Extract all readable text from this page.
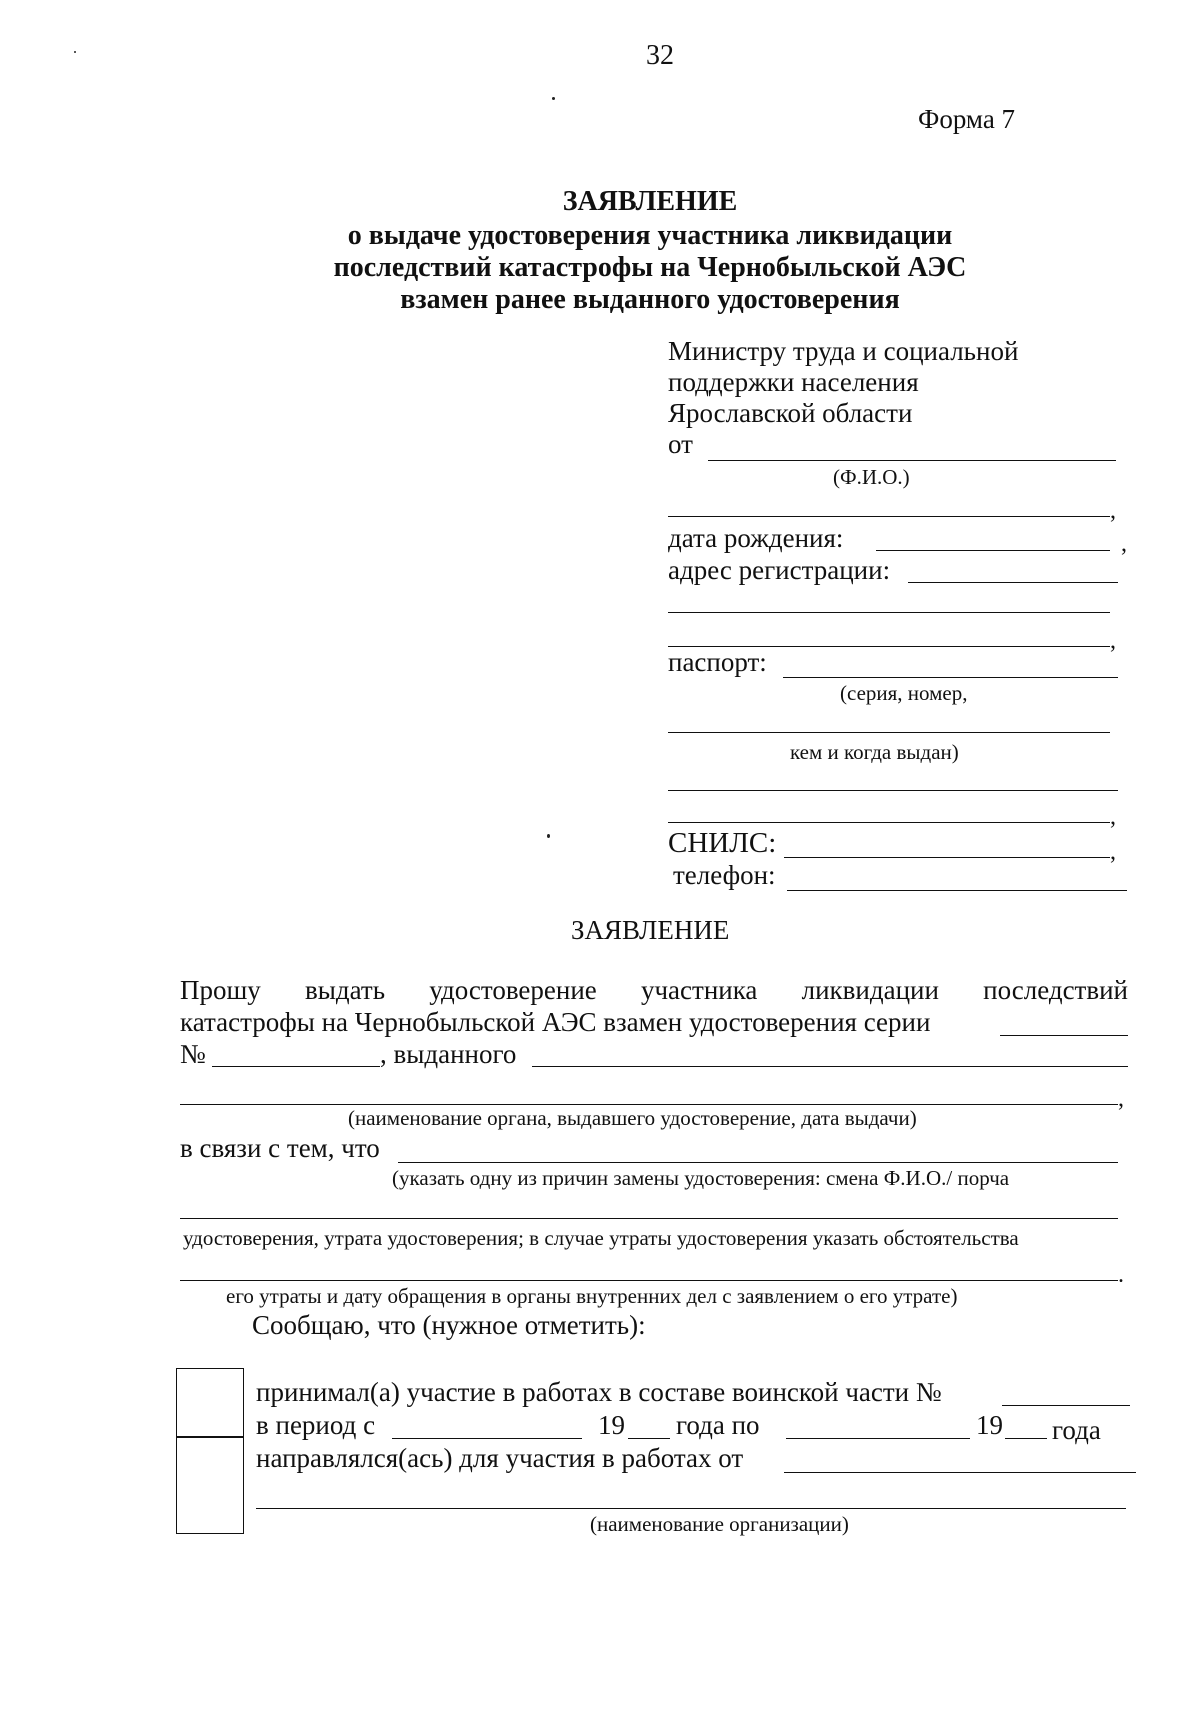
32
Форма 7
ЗАЯВЛЕНИЕ
о выдаче удостоверения участника ликвидации
последствий катастрофы на Чернобыльской АЭС
взамен ранее выданного удостоверения
Министру труда и социальной
поддержки населения
Ярославской области
от
(Ф.И.О.)
,
дата рождения:	,
адрес регистрации:
,
паспорт:
(серия, номер,
кем и когда выдан)
,
СНИЛС:	,
телефон:
ЗАЯВЛЕНИЕ
Прошу выдать удостоверение участника ликвидации последствий
катастрофы на Чернобыльской АЭС взамен удостоверения серии
№	, выданного
,
(наименование органа, выдавшего удостоверение, дата выдачи)
в связи с тем, что
(указать одну из причин замены удостоверения: смена Ф.И.О./ порча
удостоверения, утрата удостоверения; в случае утраты удостоверения указать обстоятельства
.
его утраты и дату обращения в органы внутренних дел с заявлением о его утрате)
Сообщаю, что (нужное отметить):
принимал(а) участие в работах в составе воинской части №
в период с	19 года по	19 года
направлялся(ась) для участия в работах от
(наименование организации)
